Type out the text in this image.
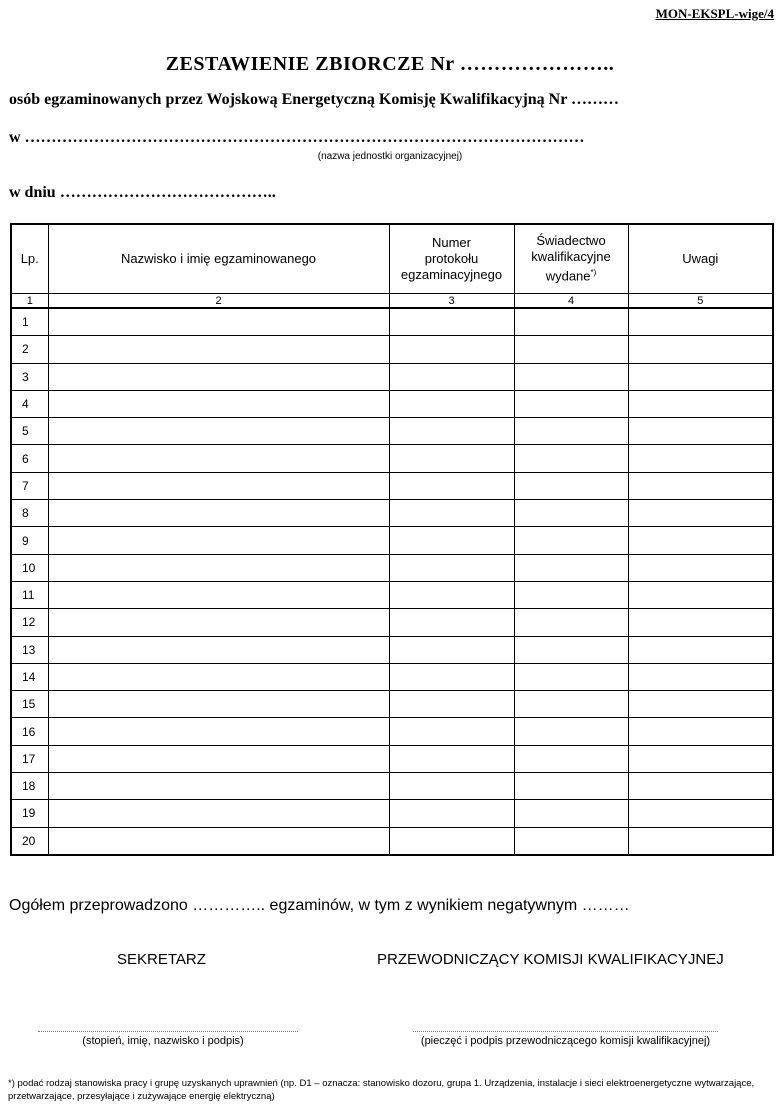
MON-EKSPL-wige/4
ZESTAWIENIE ZBIORCZE Nr …………………..
osób egzaminowanych przez Wojskową Energetyczną Komisję Kwalifikacyjną Nr ………
w ……………………………………………………………………………………………
(nazwa jednostki organizacyjnej)
w dniu …………………………………..
Lp.	Nazwisko i imię egzaminowanego	Numer
protokołu
egzaminacyjnego	Świadectwo
kwalifikacyjne
wydane*)	Uwagi
1	2	3	4	5
1				
2				
3				
4				
5				
6				
7				
8				
9				
10				
11				
12				
13				
14				
15				
16				
17				
18				
19				
20				
Ogółem przeprowadzono ………….. egzaminów, w tym z wynikiem negatywnym ………
SEKRETARZ	PRZEWODNICZĄCY KOMISJI KWALIFIKACYJNEJ
(stopień, imię, nazwisko i podpis)	(pieczęć i podpis przewodniczącego komisji kwalifikacyjnej)
*) podać rodzaj stanowiska pracy i grupę uzyskanych uprawnień (np. D1 – oznacza: stanowisko dozoru, grupa 1. Urządzenia, instalacje i sieci elektroenergetyczne wytwarzające, przetwarzające, przesyłające i zużywające energię elektryczną)
